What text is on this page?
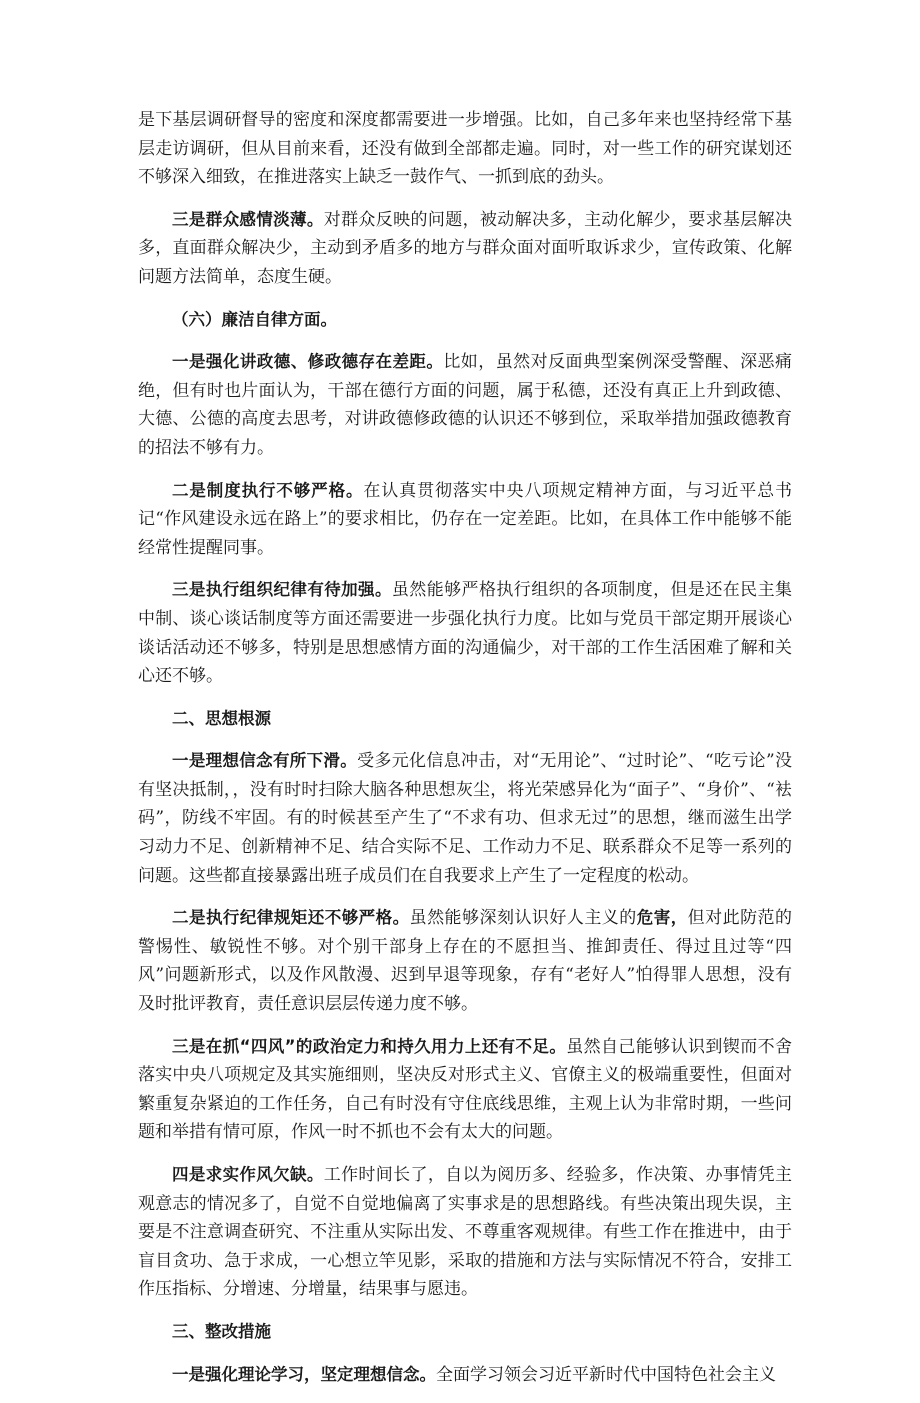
是下基层调研督导的密度和深度都需要进一步增强。比如，自己多年来也坚持经常下基层走访调研，但从目前来看，还没有做到全部都走遍。同时，对一些工作的研究谋划还不够深入细致，在推进落实上缺乏一鼓作气、一抓到底的劲头。

三是群众感情淡薄。对群众反映的问题，被动解决多，主动化解少，要求基层解决多，直面群众解决少，主动到矛盾多的地方与群众面对面听取诉求少，宣传政策、化解问题方法简单，态度生硬。

（六）廉洁自律方面。

一是强化讲政德、修政德存在差距。比如，虽然对反面典型案例深受警醒、深恶痛绝，但有时也片面认为，干部在德行方面的问题，属于私德，还没有真正上升到政德、大德、公德的高度去思考，对讲政德修政德的认识还不够到位，采取举措加强政德教育的招法不够有力。

二是制度执行不够严格。在认真贯彻落实中央八项规定精神方面，与习近平总书记“作风建设永远在路上”的要求相比，仍存在一定差距。比如，在具体工作中能够不能经常性提醒同事。

三是执行组织纪律有待加强。虽然能够严格执行组织的各项制度，但是还在民主集中制、谈心谈话制度等方面还需要进一步强化执行力度。比如与党员干部定期开展谈心谈话活动还不够多，特别是思想感情方面的沟通偏少，对干部的工作生活困难了解和关心还不够。

二、思想根源

一是理想信念有所下滑。受多元化信息冲击，对“无用论”、“过时论”、“吃亏论”没有坚决抵制，，没有时时扫除大脑各种思想灰尘，将光荣感异化为“面子”、“身价”、“袪码”，防线不牢固。有的时候甚至产生了“不求有功、但求无过”的思想，继而滋生出学习动力不足、创新精神不足、结合实际不足、工作动力不足、联系群众不足等一系列的问题。这些都直接暴露出班子成员们在自我要求上产生了一定程度的松动。

二是执行纪律规矩还不够严格。虽然能够深刻认识好人主义的危害，但对此防范的警惕性、敏锐性不够。对个别干部身上存在的不愿担当、推卸责任、得过且过等“四风”问题新形式，以及作风散漫、迟到早退等现象，存有“老好人”怕得罪人思想，没有及时批评教育，责任意识层层传递力度不够。

三是在抓“四风”的政治定力和持久用力上还有不足。虽然自己能够认识到锲而不舍落实中央八项规定及其实施细则，坚决反对形式主义、官僚主义的极端重要性，但面对繁重复杂紧迫的工作任务，自己有时没有守住底线思维，主观上认为非常时期，一些问题和举措有情可原，作风一时不抓也不会有太大的问题。

四是求实作风欠缺。工作时间长了，自以为阅历多、经验多，作决策、办事情凭主观意志的情况多了，自觉不自觉地偏离了实事求是的思想路线。有些决策出现失误，主要是不注意调查研究、不注重从实际出发、不尊重客观规律。有些工作在推进中，由于盲目贪功、急于求成，一心想立竿见影，采取的措施和方法与实际情况不符合，安排工作压指标、分增速、分增量，结果事与愿违。

三、整改措施

一是强化理论学习，坚定理想信念。全面学习领会习近平新时代中国特色社会主义
